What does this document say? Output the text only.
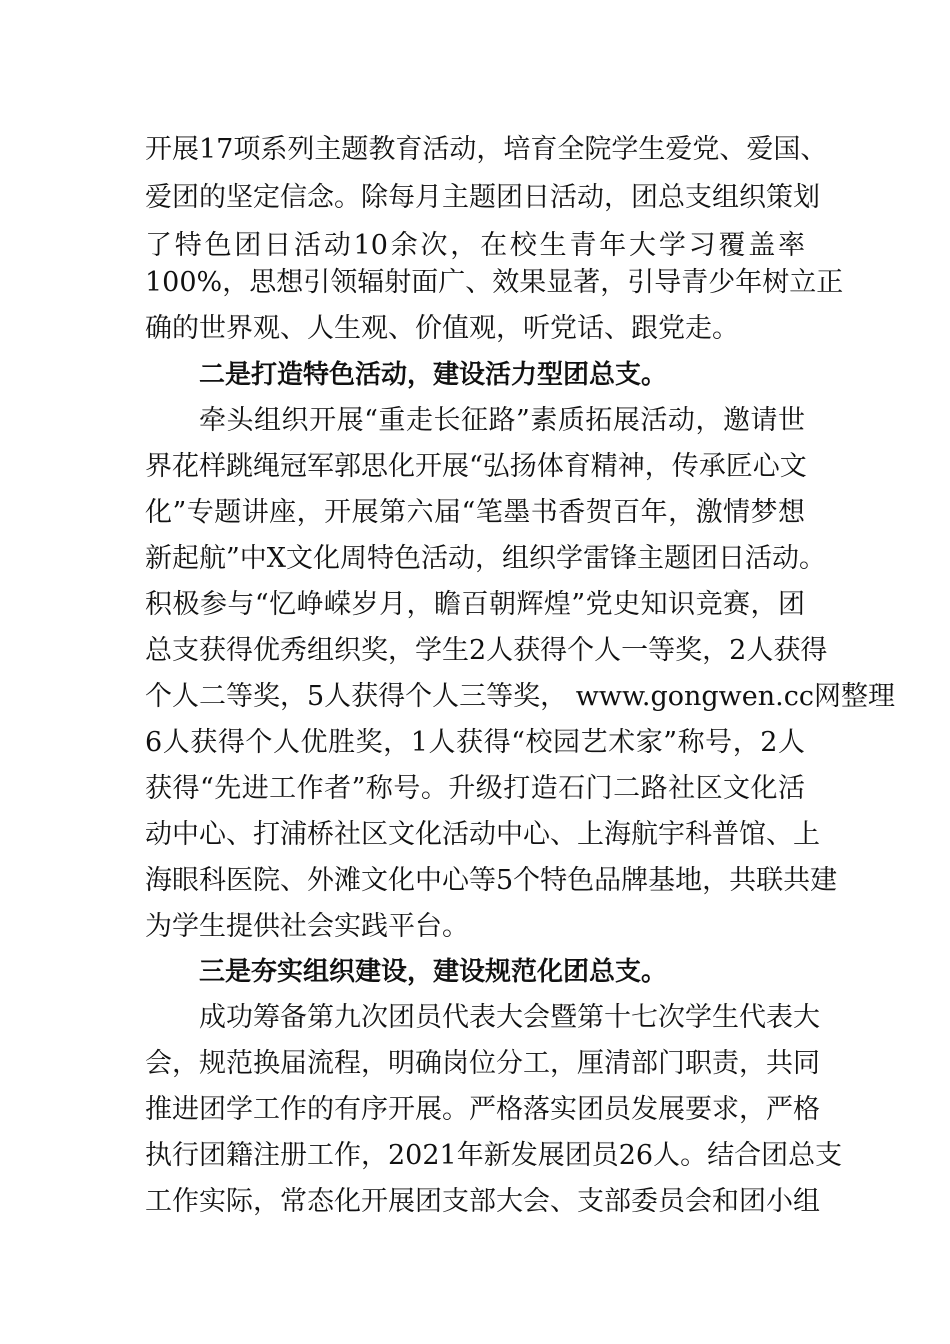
开展17项系列主题教育活动，培育全院学生爱党、爱国、
爱团的坚定信念。除每月主题团日活动，团总支组织策划
了特色团日活动10余次，在校生青年大学习覆盖率
100%，思想引领辐射面广、效果显著，引导青少年树立正
确的世界观、人生观、价值观，听党话、跟党走。
二是打造特色活动，建设活力型团总支。
牵头组织开展“重走长征路”素质拓展活动，邀请世
界花样跳绳冠军郭思化开展“弘扬体育精神，传承匠心文
化”专题讲座，开展第六届“笔墨书香贺百年，激情梦想
新起航”中X文化周特色活动，组织学雷锋主题团日活动。
积极参与“忆峥嵘岁月，瞻百朝辉煌”党史知识竞赛，团
总支获得优秀组织奖，学生2人获得个人一等奖，2人获得
个人二等奖，5人获得个人三等奖， www.gongwen.cc网整理
6人获得个人优胜奖，1人获得“校园艺术家”称号，2人
获得“先进工作者”称号。升级打造石门二路社区文化活
动中心、打浦桥社区文化活动中心、上海航宇科普馆、上
海眼科医院、外滩文化中心等5个特色品牌基地，共联共建
为学生提供社会实践平台。
三是夯实组织建设，建设规范化团总支。
成功筹备第九次团员代表大会暨第十七次学生代表大
会，规范换届流程，明确岗位分工，厘清部门职责，共同
推进团学工作的有序开展。严格落实团员发展要求，严格
执行团籍注册工作，2021年新发展团员26人。结合团总支
工作实际，常态化开展团支部大会、支部委员会和团小组
